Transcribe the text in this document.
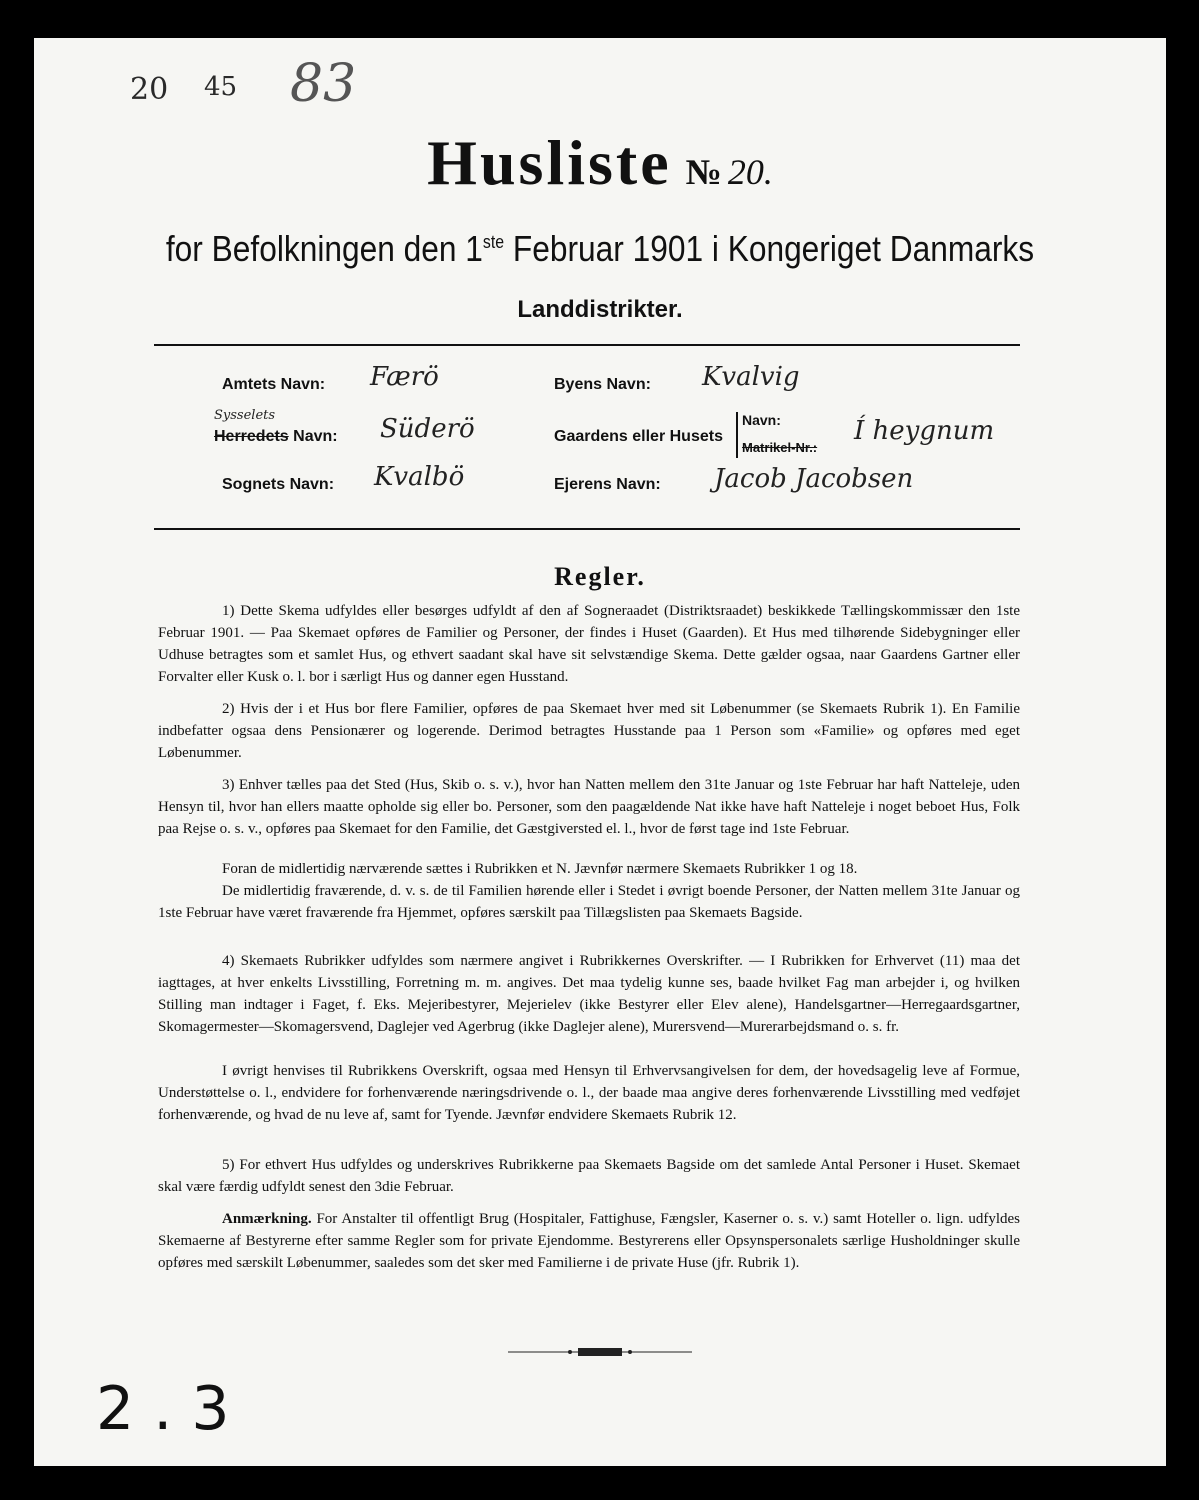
20 45 83
Husliste № 20.
for Befolkningen den 1ste Februar 1901 i Kongeriget Danmarks
Landdistrikter.
Amtets Navn: Færö	Byens Navn: Kvalvig
Sysselets
Herredets Navn: Süderö	Gaardens eller Husets
Navn:
Matrikel-Nr.:
Í heygnum
Sognets Navn: Kvalbö	Ejerens Navn: Jacob Jacobsen
Regler.
1) Dette Skema udfyldes eller besørges udfyldt af den af Sogneraadet (Distriktsraadet) beskikkede Tællingskommissær den 1ste Februar 1901. — Paa Skemaet opføres de Familier og Personer, der findes i Huset (Gaarden). Et Hus med tilhørende Sidebygninger eller Udhuse betragtes som et samlet Hus, og ethvert saadant skal have sit selvstændige Skema. Dette gælder ogsaa, naar Gaardens Gartner eller Forvalter eller Kusk o. l. bor i særligt Hus og danner egen Husstand.
2) Hvis der i et Hus bor flere Familier, opføres de paa Skemaet hver med sit Løbenummer (se Skemaets Rubrik 1). En Familie indbefatter ogsaa dens Pensionærer og logerende. Derimod betragtes Husstande paa 1 Person som «Familie» og opføres med eget Løbenummer.
3) Enhver tælles paa det Sted (Hus, Skib o. s. v.), hvor han Natten mellem den 31te Januar og 1ste Februar har haft Natteleje, uden Hensyn til, hvor han ellers maatte opholde sig eller bo. Personer, som den paagældende Nat ikke have haft Natteleje i noget beboet Hus, Folk paa Rejse o. s. v., opføres paa Skemaet for den Familie, det Gæstgiversted el. l., hvor de først tage ind 1ste Februar.
Foran de midlertidig nærværende sættes i Rubrikken et N. Jævnfør nærmere Skemaets Rubrikker 1 og 18.
De midlertidig fraværende, d. v. s. de til Familien hørende eller i Stedet i øvrigt boende Personer, der Natten mellem 31te Januar og 1ste Februar have været fraværende fra Hjemmet, opføres særskilt paa Tillægslisten paa Skemaets Bagside.
4) Skemaets Rubrikker udfyldes som nærmere angivet i Rubrikkernes Overskrifter. — I Rubrikken for Erhvervet (11) maa det iagttages, at hver enkelts Livsstilling, Forretning m. m. angives. Det maa tydelig kunne ses, baade hvilket Fag man arbejder i, og hvilken Stilling man indtager i Faget, f. Eks. Mejeribestyrer, Mejerielev (ikke Bestyrer eller Elev alene), Handelsgartner—Herregaardsgartner, Skomagermester—Skomagersvend, Daglejer ved Agerbrug (ikke Daglejer alene), Murersvend—Murerarbejdsmand o. s. fr.
I øvrigt henvises til Rubrikkens Overskrift, ogsaa med Hensyn til Erhvervsangivelsen for dem, der hovedsagelig leve af Formue, Understøttelse o. l., endvidere for forhenværende næringsdrivende o. l., der baade maa angive deres forhenværende Livsstilling med vedføjet forhenværende, og hvad de nu leve af, samt for Tyende. Jævnfør endvidere Skemaets Rubrik 12.
5) For ethvert Hus udfyldes og underskrives Rubrikkerne paa Skemaets Bagside om det samlede Antal Personer i Huset. Skemaet skal være færdig udfyldt senest den 3die Februar.
Anmærkning. For Anstalter til offentligt Brug (Hospitaler, Fattighuse, Fængsler, Kaserner o. s. v.) samt Hoteller o. lign. udfyldes Skemaerne af Bestyrerne efter samme Regler som for private Ejendomme. Bestyrerens eller Opsynspersonalets særlige Husholdninger skulle opføres med særskilt Løbenummer, saaledes som det sker med Familierne i de private Huse (jfr. Rubrik 1).
2 . 3
